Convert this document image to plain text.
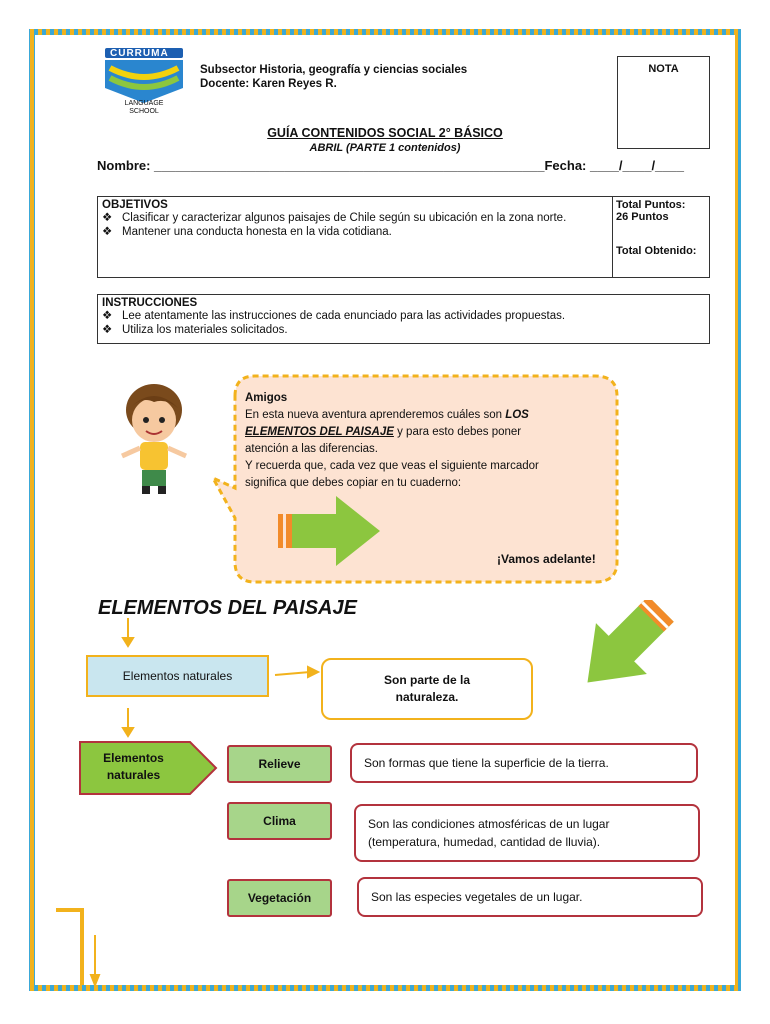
CURRUMA
LANGUAGE SCHOOL
Subsector Historia, geografía y ciencias sociales
Docente: Karen Reyes R.
NOTA
GUÍA CONTENIDOS SOCIAL 2° BÁSICO
ABRIL (PARTE 1 contenidos)
Nombre: ______________________________________________________Fecha: ____/____/____
OBJETIVOS
❖ Clasificar y caracterizar algunos paisajes de Chile según su ubicación en la zona norte.
❖ Mantener una conducta honesta en la vida cotidiana.
Total Puntos:
26 Puntos
Total Obtenido:
INSTRUCCIONES
❖ Lee atentamente las instrucciones de cada enunciado para las actividades propuestas.
❖ Utiliza los materiales solicitados.
Amigos
En esta nueva aventura aprenderemos cuáles son LOS
ELEMENTOS DEL PAISAJE y para esto debes poner
atención a las diferencias.
Y recuerda que, cada vez que veas el siguiente marcador
significa que debes copiar en tu cuaderno:
¡Vamos adelante!
ELEMENTOS DEL PAISAJE
Elementos naturales	Son parte de la
naturaleza.
Elementos
naturales
Relieve	Son formas que tiene la superficie de la tierra.
Clima	Son las condiciones atmosféricas de un lugar
(temperatura, humedad, cantidad de lluvia).
Vegetación	Son las especies vegetales de un lugar.
